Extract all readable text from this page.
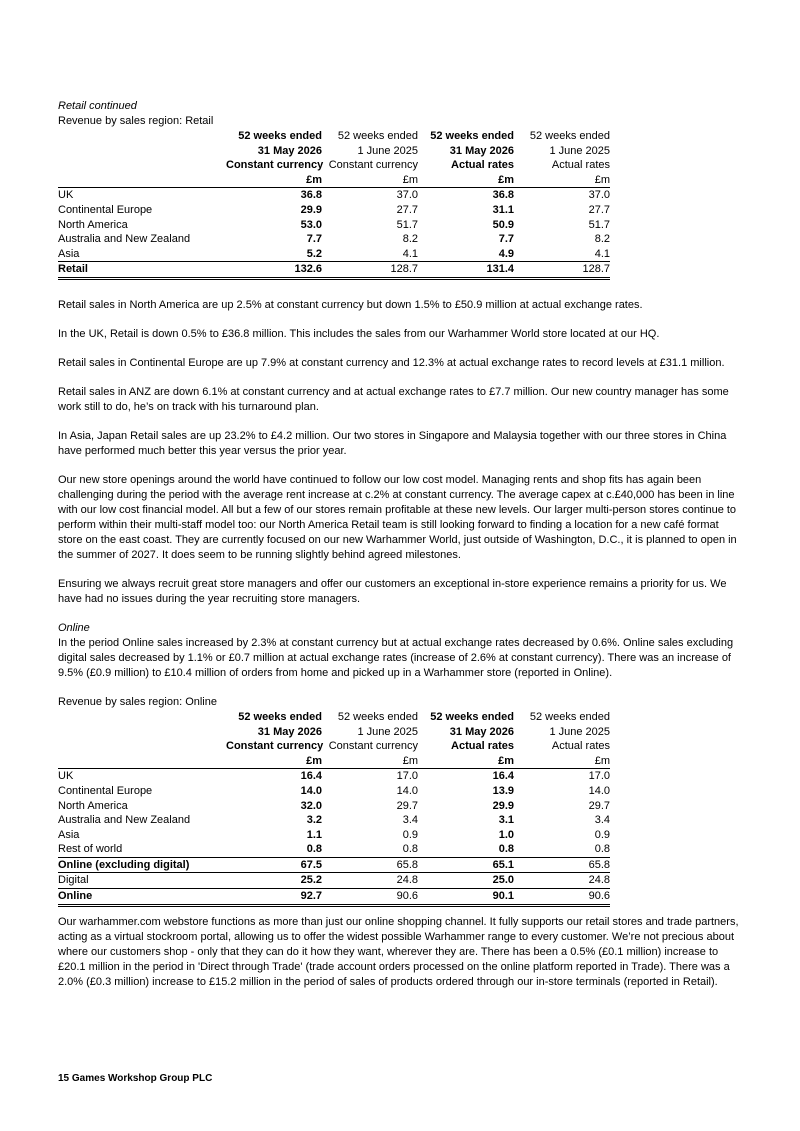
Retail continued

Revenue by sales region: Retail

	52 weeks ended	52 weeks ended	52 weeks ended	52 weeks ended
	31 May 2026	1 June 2025	31 May 2026	1 June 2025
	Constant currency	Constant currency	Actual rates	Actual rates
	£m	£m	£m	£m
UK	36.8	37.0	36.8	37.0
Continental Europe	29.9	27.7	31.1	27.7
North America	53.0	51.7	50.9	51.7
Australia and New Zealand	7.7	8.2	7.7	8.2
Asia	5.2	4.1	4.9	4.1
Retail	132.6	128.7	131.4	128.7

Retail sales in North America are up 2.5% at constant currency but down 1.5% to £50.9 million at actual exchange rates.

In the UK, Retail is down 0.5% to £36.8 million. This includes the sales from our Warhammer World store located at our HQ.

Retail sales in Continental Europe are up 7.9% at constant currency and 12.3% at actual exchange rates to record levels at £31.1 million.

Retail sales in ANZ are down 6.1% at constant currency and at actual exchange rates to £7.7 million. Our new country manager has some work still to do, he’s on track with his turnaround plan.

In Asia, Japan Retail sales are up 23.2% to £4.2 million. Our two stores in Singapore and Malaysia together with our three stores in China have performed much better this year versus the prior year.

Our new store openings around the world have continued to follow our low cost model. Managing rents and shop fits has again been challenging during the period with the average rent increase at c.2% at constant currency. The average capex at c.£40,000 has been in line with our low cost financial model. All but a few of our stores remain profitable at these new levels. Our larger multi-person stores continue to perform within their multi-staff model too: our North America Retail team is still looking forward to finding a location for a new café format store on the east coast. They are currently focused on our new Warhammer World, just outside of Washington, D.C., it is planned to open in the summer of 2027. It does seem to be running slightly behind agreed milestones.

Ensuring we always recruit great store managers and offer our customers an exceptional in-store experience remains a priority for us. We have had no issues during the year recruiting store managers.

Online

In the period Online sales increased by 2.3% at constant currency but at actual exchange rates decreased by 0.6%. Online sales excluding digital sales decreased by 1.1% or £0.7 million at actual exchange rates (increase of 2.6% at constant currency). There was an increase of 9.5% (£0.9 million) to £10.4 million of orders from home and picked up in a Warhammer store (reported in Online).

Revenue by sales region: Online

	52 weeks ended	52 weeks ended	52 weeks ended	52 weeks ended
	31 May 2026	1 June 2025	31 May 2026	1 June 2025
	Constant currency	Constant currency	Actual rates	Actual rates
	£m	£m	£m	£m
UK	16.4	17.0	16.4	17.0
Continental Europe	14.0	14.0	13.9	14.0
North America	32.0	29.7	29.9	29.7
Australia and New Zealand	3.2	3.4	3.1	3.4
Asia	1.1	0.9	1.0	0.9
Rest of world	0.8	0.8	0.8	0.8
Online (excluding digital)	67.5	65.8	65.1	65.8
Digital	25.2	24.8	25.0	24.8
Online	92.7	90.6	90.1	90.6

Our warhammer.com webstore functions as more than just our online shopping channel. It fully supports our retail stores and trade partners, acting as a virtual stockroom portal, allowing us to offer the widest possible Warhammer range to every customer. We’re not precious about where our customers shop - only that they can do it how they want, wherever they are. There has been a 0.5% (£0.1 million) increase to £20.1 million in the period in 'Direct through Trade' (trade account orders processed on the online platform reported in Trade). There was a 2.0% (£0.3 million) increase to £15.2 million in the period of sales of products ordered through our in-store terminals (reported in Retail).

15 Games Workshop Group PLC
